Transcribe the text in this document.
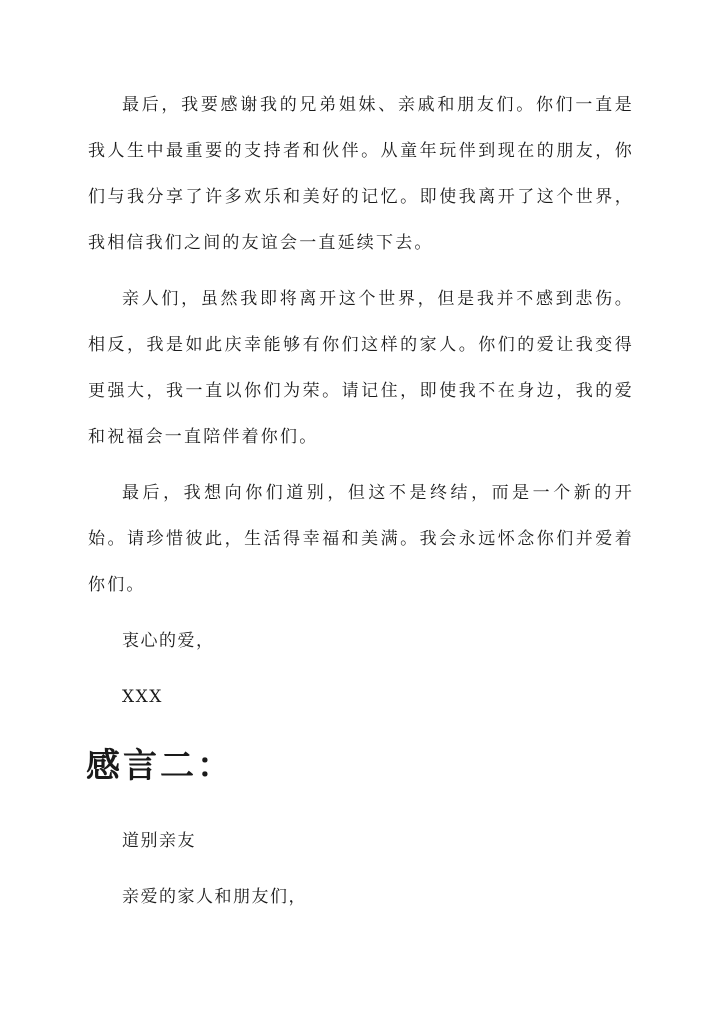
最后，我要感谢我的兄弟姐妹、亲戚和朋友们。你们一直是我人生中最重要的支持者和伙伴。从童年玩伴到现在的朋友，你们与我分享了许多欢乐和美好的记忆。即使我离开了这个世界，我相信我们之间的友谊会一直延续下去。

亲人们，虽然我即将离开这个世界，但是我并不感到悲伤。相反，我是如此庆幸能够有你们这样的家人。你们的爱让我变得更强大，我一直以你们为荣。请记住，即使我不在身边，我的爱和祝福会一直陪伴着你们。

最后，我想向你们道别，但这不是终结，而是一个新的开始。请珍惜彼此，生活得幸福和美满。我会永远怀念你们并爱着你们。

衷心的爱，

XXX

感言二：

道别亲友

亲爱的家人和朋友们，
